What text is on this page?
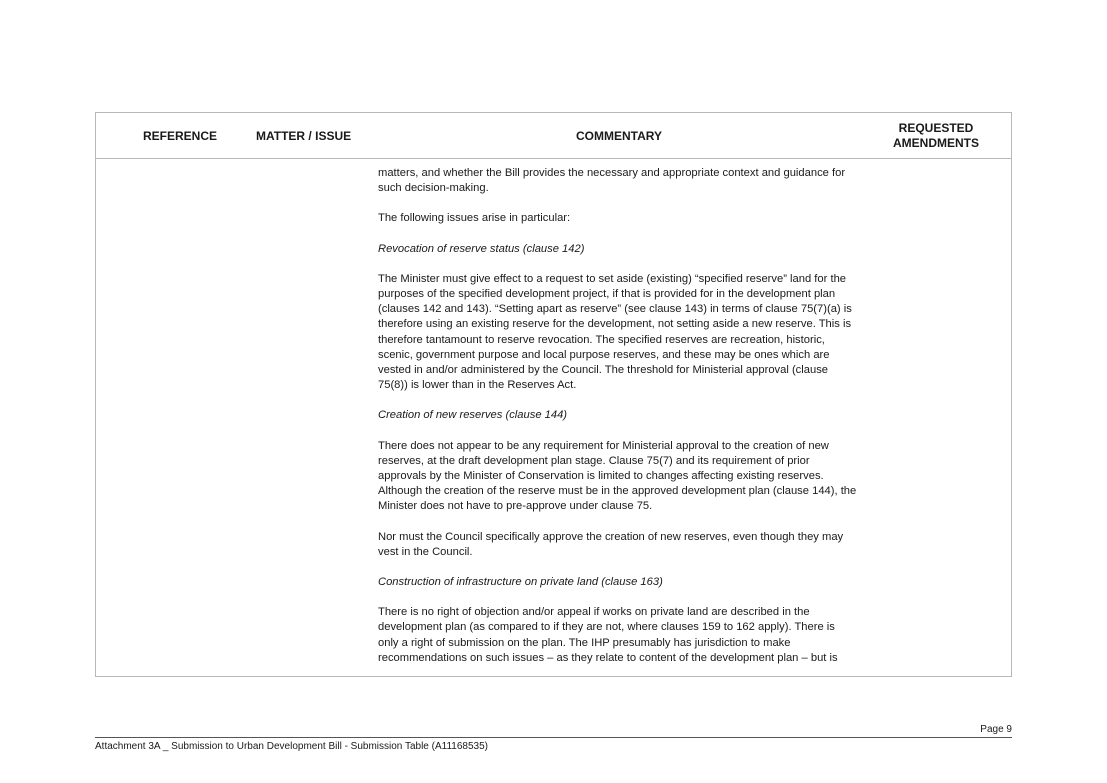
REFERENCE	MATTER / ISSUE	COMMENTARY
REQUESTED
AMENDMENTS

matters, and whether the Bill provides the necessary and appropriate context and guidance for such decision-making.

The following issues arise in particular:

Revocation of reserve status (clause 142)

The Minister must give effect to a request to set aside (existing) “specified reserve” land for the purposes of the specified development project, if that is provided for in the development plan (clauses 142 and 143). “Setting apart as reserve” (see clause 143) in terms of clause 75(7)(a) is therefore using an existing reserve for the development, not setting aside a new reserve. This is therefore tantamount to reserve revocation. The specified reserves are recreation, historic, scenic, government purpose and local purpose reserves, and these may be ones which are vested in and/or administered by the Council. The threshold for Ministerial approval (clause 75(8)) is lower than in the Reserves Act.

Creation of new reserves (clause 144)

There does not appear to be any requirement for Ministerial approval to the creation of new reserves, at the draft development plan stage. Clause 75(7) and its requirement of prior approvals by the Minister of Conservation is limited to changes affecting existing reserves. Although the creation of the reserve must be in the approved development plan (clause 144), the Minister does not have to pre-approve under clause 75.

Nor must the Council specifically approve the creation of new reserves, even though they may vest in the Council.

Construction of infrastructure on private land (clause 163)

There is no right of objection and/or appeal if works on private land are described in the development plan (as compared to if they are not, where clauses 159 to 162 apply). There is only a right of submission on the plan. The IHP presumably has jurisdiction to make recommendations on such issues – as they relate to content of the development plan – but is

Page 9
Attachment 3A _ Submission to Urban Development Bill - Submission Table (A11168535)
